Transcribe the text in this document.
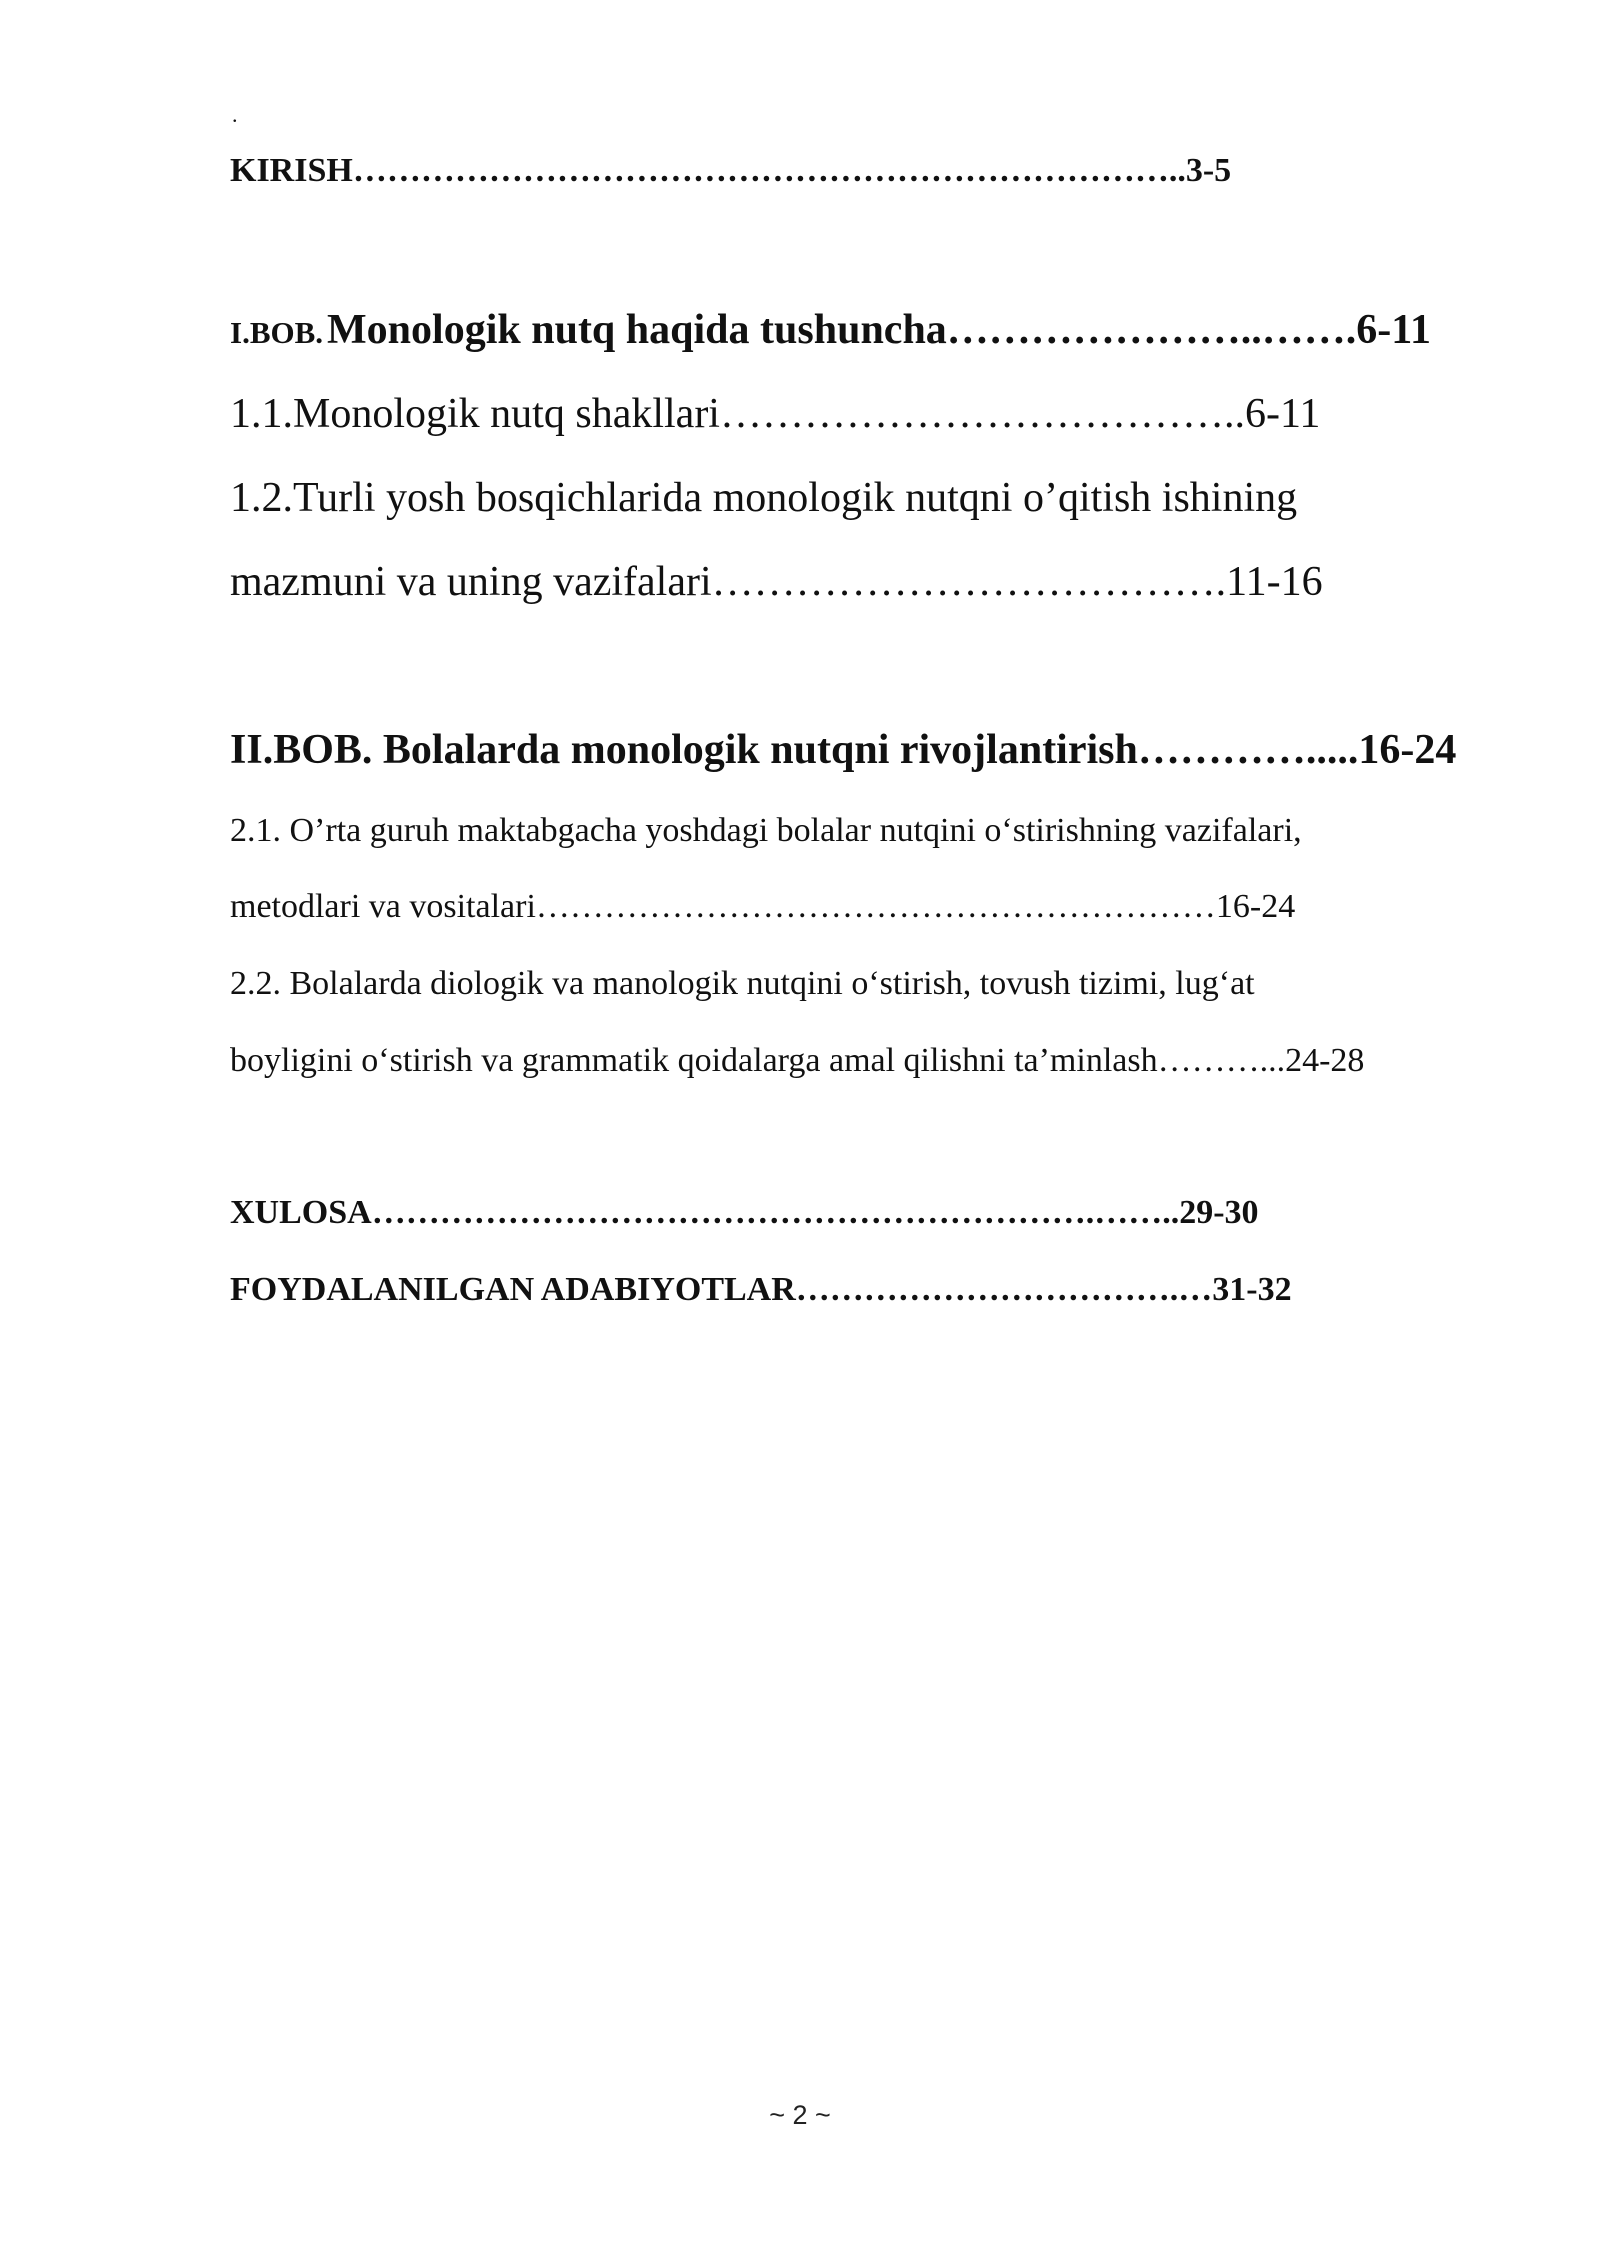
.

KIRISH………………………………………………………………..3-5

I.BOB. Monologik nutq haqida tushuncha…………………..…….6-11

1.1.Monologik nutq shakllari………………………………..6-11

1.2.Turli yosh bosqichlarida monologik nutqni o’qitish ishining

mazmuni va uning vazifalari……………………………….11-16

II.BOB. Bolalarda monologik nutqni rivojlantirish………….....16-24

2.1. O’rta guruh maktabgacha yoshdagi bolalar nutqini o‘stirishning vazifalari,

metodlari va vositalari……………………………………………………16-24

2.2. Bolalarda diologik va manologik nutqini o‘stirish, tovush tizimi, lug‘at

boyligini o‘stirish va grammatik qoidalarga amal qilishni ta’minlash………...24-28

XULOSA……………………………………………………….……..29-30

FOYDALANILGAN ADABIYOTLAR…………………………….…31-32

~ 2 ~
